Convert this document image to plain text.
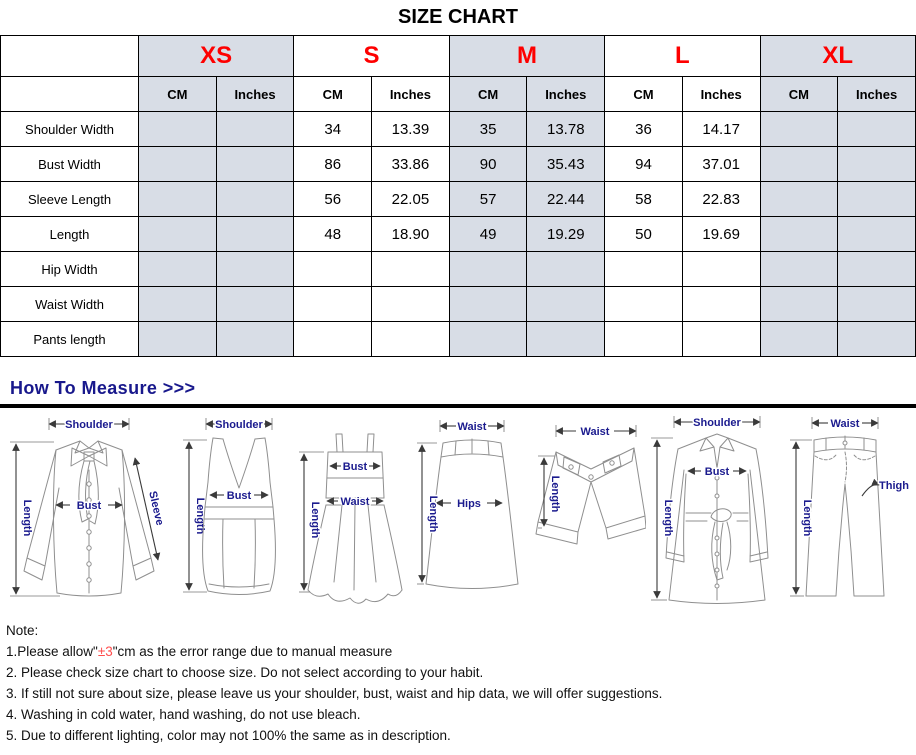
SIZE CHART
	XS		S		M		L		XL	
	CM	Inches	CM	Inches	CM	Inches	CM	Inches	CM	Inches
Shoulder Width			34	13.39	35	13.78	36	14.17		
Bust Width			86	33.86	90	35.43	94	37.01		
Sleeve Length			56	22.05	57	22.44	58	22.83		
Length			48	18.90	49	19.29	50	19.69		
Hip Width										
Waist Width										
Pants length										
How To Measure >>>
Shoulder
Length	Bust	Sleeve
Shoulder
Length
Bust
Bust
Waist
Length
Waist
Hips
Length
Waist
Length
Shoulder
Bust
Length
Waist
Thigh
Length
Note:
1.Please allow"±3"cm as the error range due to manual measure
2. Please check size chart to choose size. Do not select according to your habit.
3. If still not sure about size, please leave us your shoulder, bust, waist and hip data, we will offer suggestions.
4. Washing in cold water, hand washing, do not use bleach.
5. Due to different lighting, color may not 100% the same as in description.
